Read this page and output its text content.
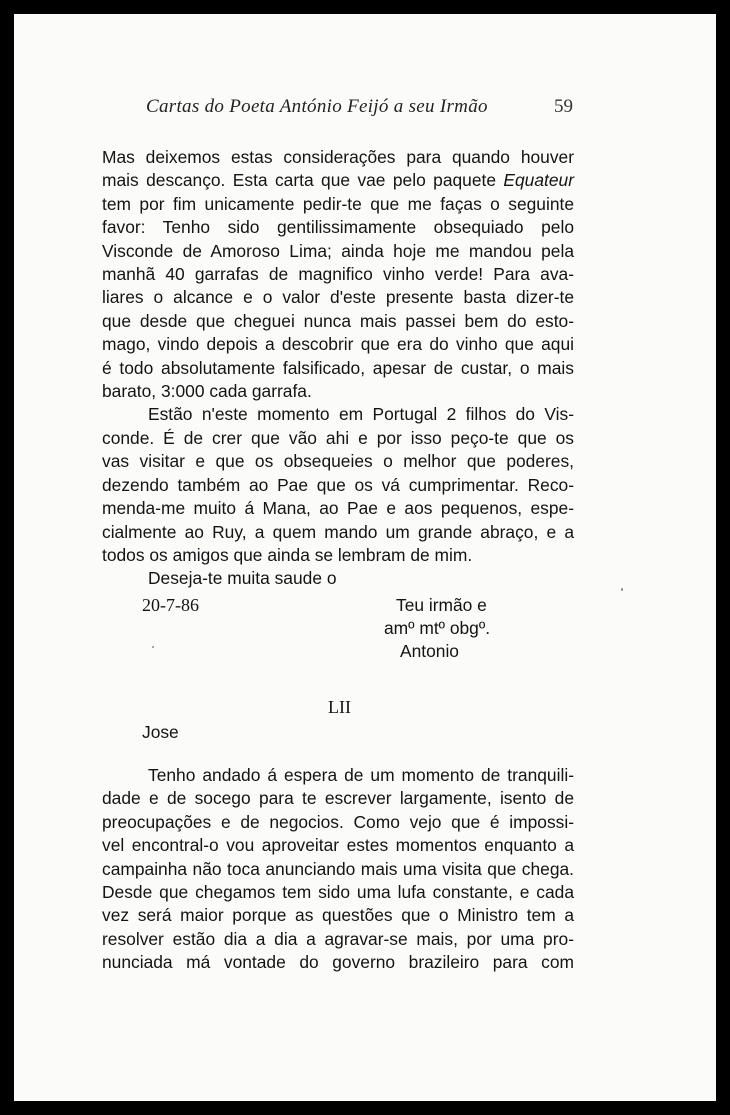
Cartas do Poeta António Feijó a seu Irmão	59
Mas deixemos estas considerações para quando houver
mais descanço. Esta carta que vae pelo paquete Equateur
tem por fim unicamente pedir-te que me faças o seguinte
favor: Tenho sido gentilissimamente obsequiado pelo
Visconde de Amoroso Lima; ainda hoje me mandou pela
manhã 40 garrafas de magnifico vinho verde! Para ava-
liares o alcance e o valor d'este presente basta dizer-te
que desde que cheguei nunca mais passei bem do esto-
mago, vindo depois a descobrir que era do vinho que aqui
é todo absolutamente falsificado, apesar de custar, o mais
barato, 3:000 cada garrafa.
Estão n'este momento em Portugal 2 filhos do Vis-
conde. É de crer que vão ahi e por isso peço-te que os
vas visitar e que os obsequeies o melhor que poderes,
dezendo também ao Pae que os vá cumprimentar. Reco-
menda-me muito á Mana, ao Pae e aos pequenos, espe-
cialmente ao Ruy, a quem mando um grande abraço, e a
todos os amigos que ainda se lembram de mim.
Deseja-te muita saude o
20-7-86	Teu irmão e
amº mtº obgº.
Antonio
LII
Jose
Tenho andado á espera de um momento de tranquili-
dade e de socego para te escrever largamente, isento de
preocupações e de negocios. Como vejo que é impossi-
vel encontral-o vou aproveitar estes momentos enquanto a
campainha não toca anunciando mais uma visita que chega.
Desde que chegamos tem sido uma lufa constante, e cada
vez será maior porque as questões que o Ministro tem a
resolver estão dia a dia a agravar-se mais, por uma pro-
nunciada má vontade do governo brazileiro para com
